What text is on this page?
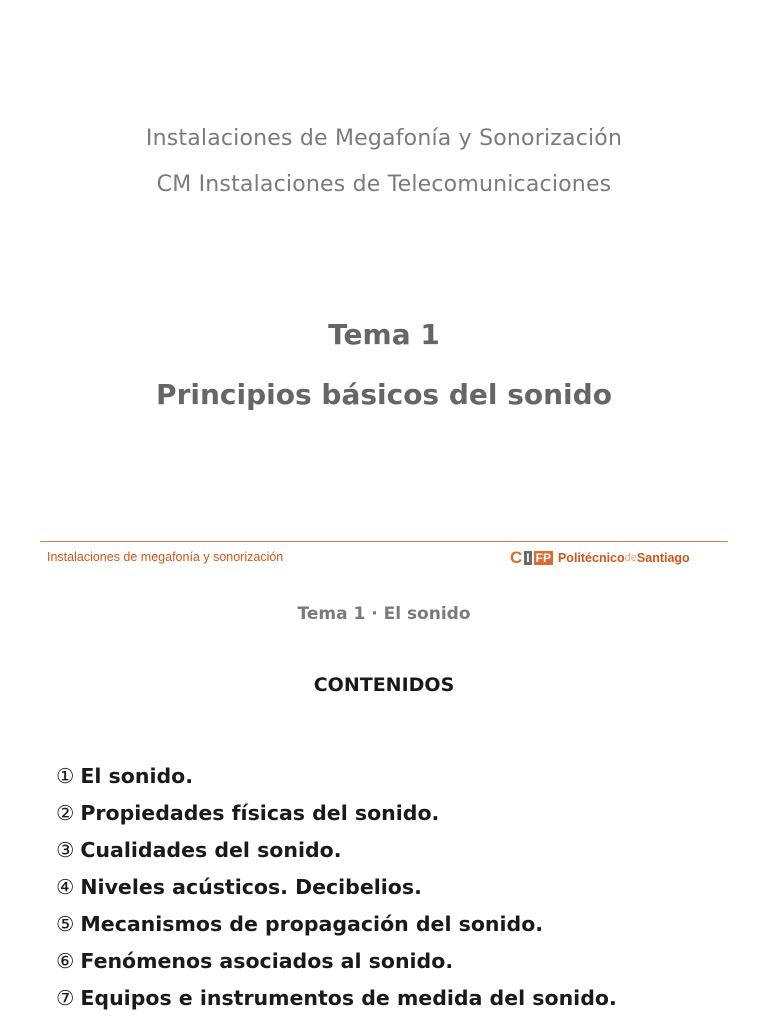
Instalaciones de Megafonía y Sonorización
CM Instalaciones de Telecomunicaciones
Tema 1
Principios básicos del sonido
Instalaciones de megafonía y sonorización	C I FP Politécnico de Santiago
Tema 1 · El sonido
CONTENIDOS
① El sonido.
② Propiedades físicas del sonido.
③ Cualidades del sonido.
④ Niveles acústicos. Decibelios.
⑤ Mecanismos de propagación del sonido.
⑥ Fenómenos asociados al sonido.
⑦ Equipos e instrumentos de medida del sonido.
